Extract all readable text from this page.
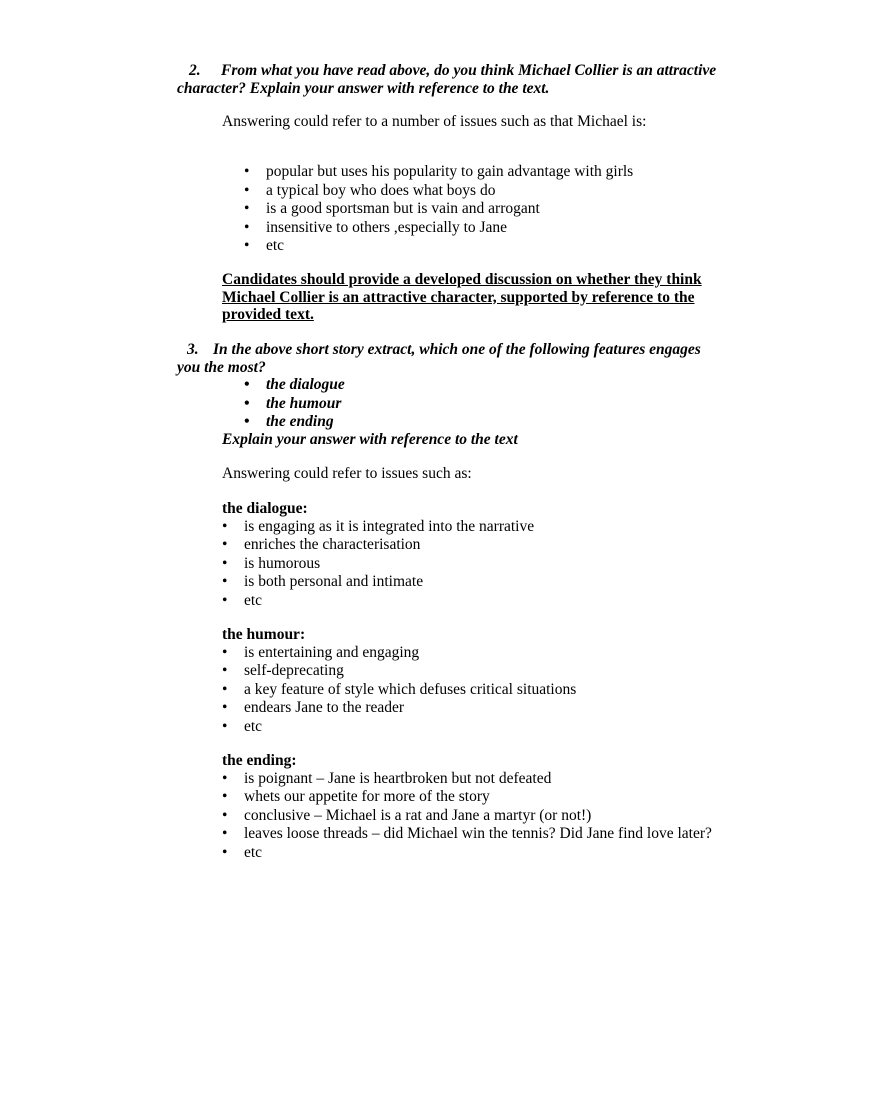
2. From what you have read above, do you think Michael Collier is an attractive character? Explain your answer with reference to the text.
Answering could refer to a number of issues such as that Michael is:
• popular but uses his popularity to gain advantage with girls
• a typical boy who does what boys do
• is a good sportsman but is vain and arrogant
• insensitive to others ,especially to Jane
• etc
Candidates should provide a developed discussion on whether they think Michael Collier is an attractive character, supported by reference to the provided text.
3. In the above short story extract, which one of the following features engages you the most?
• the dialogue
• the humour
• the ending
Explain your answer with reference to the text
Answering could refer to issues such as:
the dialogue:
• is engaging as it is integrated into the narrative
• enriches the characterisation
• is humorous
• is both personal and intimate
• etc
the humour:
• is entertaining and engaging
• self-deprecating
• a key feature of style which defuses critical situations
• endears Jane to the reader
• etc
the ending:
• is poignant – Jane is heartbroken but not defeated
• whets our appetite for more of the story
• conclusive – Michael is a rat and Jane a martyr (or not!)
• leaves loose threads – did Michael win the tennis? Did Jane find love later?
• etc
